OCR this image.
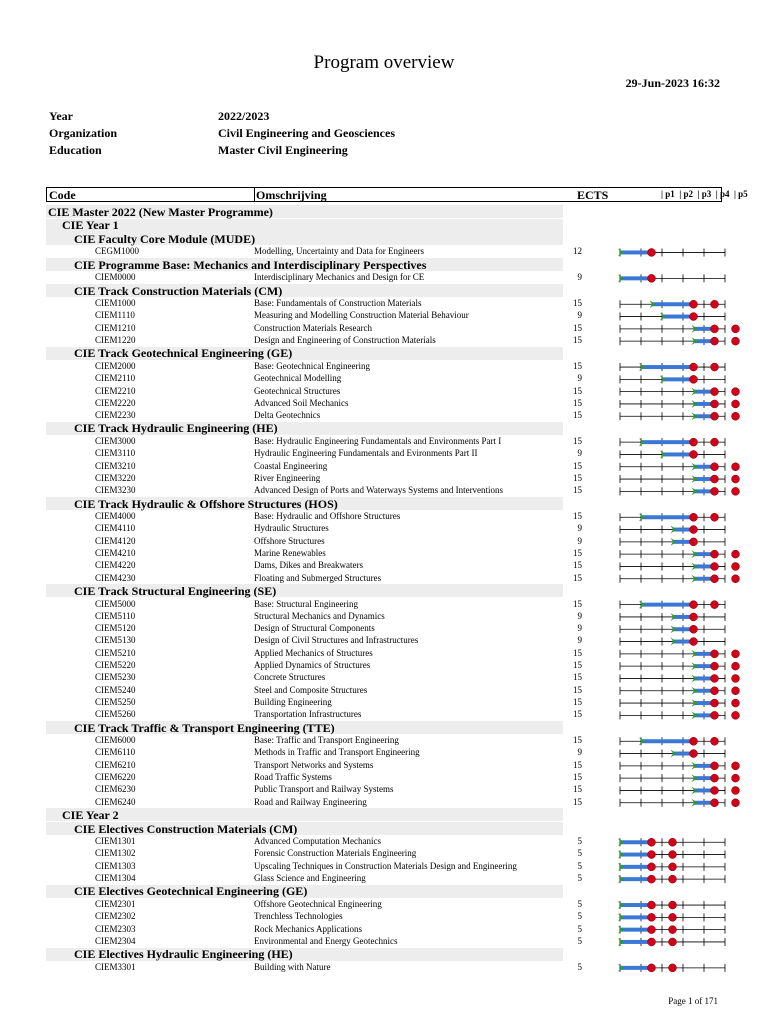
Program overview
29-Jun-2023 16:32
Year	2022/2023
Organization	Civil Engineering and Geosciences
Education	Master Civil Engineering
Code	Omschrijving	ECTS	| p1  | p2  | p3  | p4  | p5
CIE Master 2022 (New Master Programme)
CIE Year 1
CIE Faculty Core Module (MUDE)
CEGM1000	Modelling, Uncertainty and Data for Engineers	12
CIE Programme Base: Mechanics and Interdisciplinary Perspectives
CIEM0000	Interdisciplinary Mechanics and Design for CE	9
CIE Track Construction Materials (CM)
CIEM1000	Base: Fundamentals of Construction Materials	15
CIEM1110	Measuring and Modelling Construction Material Behaviour	9
CIEM1210	Construction Materials Research	15
CIEM1220	Design and Engineering of Construction Materials	15
CIE Track Geotechnical Engineering (GE)
CIEM2000	Base: Geotechnical Engineering	15
CIEM2110	Geotechnical Modelling	9
CIEM2210	Geotechnical Structures	15
CIEM2220	Advanced Soil Mechanics	15
CIEM2230	Delta Geotechnics	15
CIE Track Hydraulic Engineering (HE)
CIEM3000	Base: Hydraulic Engineering Fundamentals and Environments Part I	15
CIEM3110	Hydraulic Engineering Fundamentals and Evironments Part II	9
CIEM3210	Coastal Engineering	15
CIEM3220	River Engineering	15
CIEM3230	Advanced Design of Ports and Waterways Systems and Interventions	15
CIE Track Hydraulic & Offshore Structures (HOS)
CIEM4000	Base: Hydraulic and Offshore Structures	15
CIEM4110	Hydraulic Structures	9
CIEM4120	Offshore Structures	9
CIEM4210	Marine Renewables	15
CIEM4220	Dams, Dikes and Breakwaters	15
CIEM4230	Floating and Submerged Structures	15
CIE Track Structural Engineering (SE)
CIEM5000	Base: Structural Engineering	15
CIEM5110	Structural Mechanics and Dynamics	9
CIEM5120	Design of Structural Components	9
CIEM5130	Design of Civil Structures and Infrastructures	9
CIEM5210	Applied Mechanics of Structures	15
CIEM5220	Applied Dynamics of Structures	15
CIEM5230	Concrete Structures	15
CIEM5240	Steel and Composite Structures	15
CIEM5250	Building Engineering	15
CIEM5260	Transportation Infrastructures	15
CIE Track Traffic & Transport Engineering (TTE)
CIEM6000	Base: Traffic and Transport Engineering	15
CIEM6110	Methods in Traffic and Transport Engineering	9
CIEM6210	Transport Networks and Systems	15
CIEM6220	Road Traffic Systems	15
CIEM6230	Public Transport and Railway Systems	15
CIEM6240	Road and Railway Engineering	15
CIE Year 2
CIE Electives Construction Materials (CM)
CIEM1301	Advanced Computation Mechanics	5
CIEM1302	Forensic Construction Materials Engineering	5
CIEM1303	Upscaling Techniques in Construction Materials Design and Engineering	5
CIEM1304	Glass Science and Engineering	5
CIE Electives Geotechnical Engineering (GE)
CIEM2301	Offshore Geotechnical Engineering	5
CIEM2302	Trenchless Technologies	5
CIEM2303	Rock Mechanics Applications	5
CIEM2304	Environmental and Energy Geotechnics	5
CIE Electives Hydraulic Engineering (HE)
CIEM3301	Building with Nature	5
Page 1 of 171
